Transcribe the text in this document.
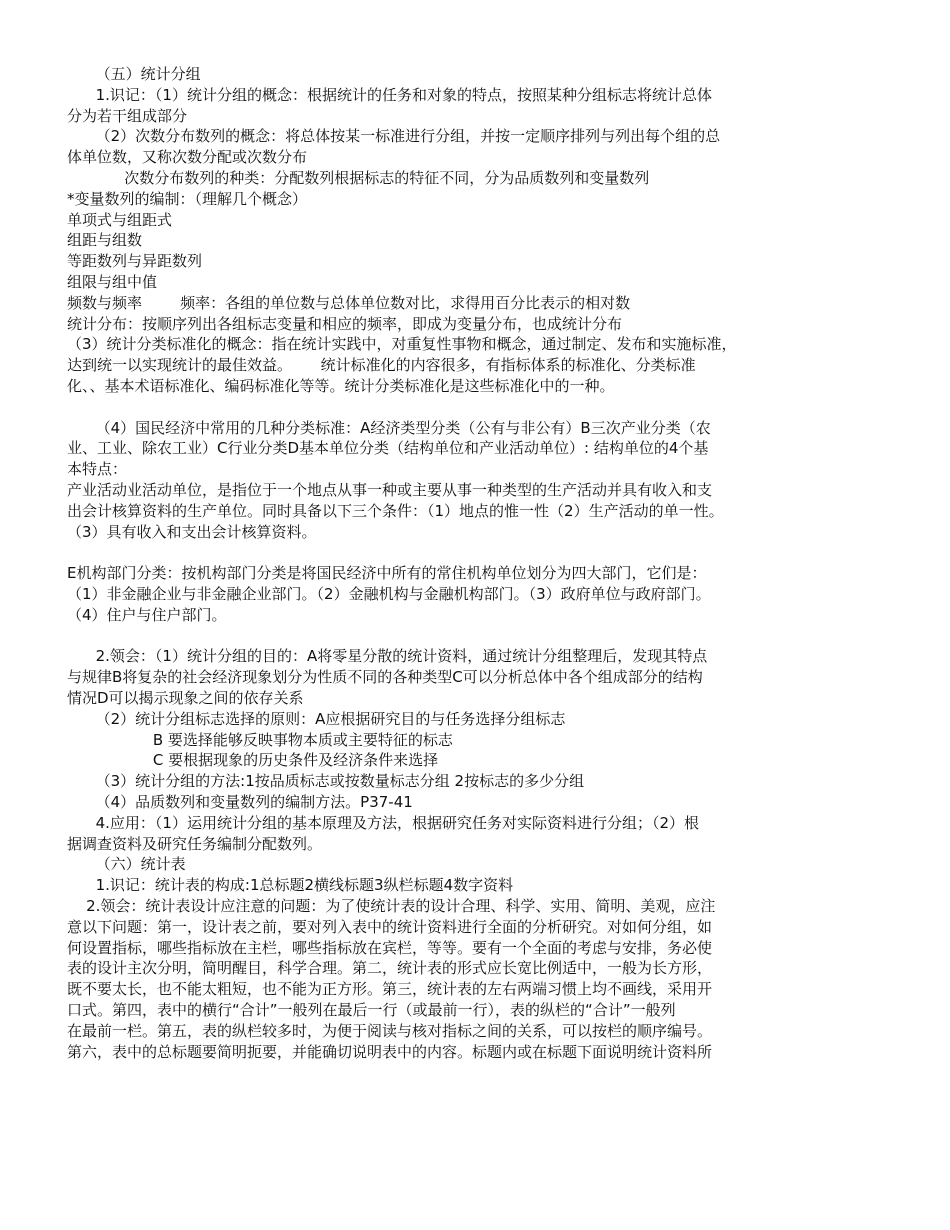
（五）统计分组
1.识记：（1）统计分组的概念：根据统计的任务和对象的特点，按照某种分组标志将统计总体
分为若干组成部分
（2）次数分布数列的概念：将总体按某一标准进行分组，并按一定顺序排列与列出每个组的总
体单位数，又称次数分配或次数分布
次数分布数列的种类：分配数列根据标志的特征不同，分为品质数列和变量数列
*变量数列的编制：（理解几个概念）
单项式与组距式
组距与组数
等距数列与异距数列
组限与组中值
频数与频率        频率：各组的单位数与总体单位数对比，求得用百分比表示的相对数
统计分布：按顺序列出各组标志变量和相应的频率，即成为变量分布，也成统计分布
（3）统计分类标准化的概念：指在统计实践中，对重复性事物和概念，通过制定、发布和实施标准，
达到统一以实现统计的最佳效益。      统计标准化的内容很多，有指标体系的标准化、分类标准
化、、基本术语标准化、编码标准化等等。统计分类标准化是这些标准化中的一种。
（4）国民经济中常用的几种分类标准：A经济类型分类（公有与非公有）B三次产业分类（农
业、工业、除农工业）C行业分类D基本单位分类（结构单位和产业活动单位）: 结构单位的4个基
本特点：
产业活动业活动单位，是指位于一个地点从事一种或主要从事一种类型的生产活动并具有收入和支
出会计核算资料的生产单位。同时具备以下三个条件：（1）地点的惟一性（2）生产活动的单一性。
（3）具有收入和支出会计核算资料。
E机构部门分类：按机构部门分类是将国民经济中所有的常住机构单位划分为四大部门，它们是：
（1）非金融企业与非金融企业部门。（2）金融机构与金融机构部门。（3）政府单位与政府部门。
（4）住户与住户部门。
2.领会：（1）统计分组的目的：A将零星分散的统计资料，通过统计分组整理后，发现其特点
与规律B将复杂的社会经济现象划分为性质不同的各种类型C可以分析总体中各个组成部分的结构
情况D可以揭示现象之间的依存关系
（2）统计分组标志选择的原则：A应根据研究目的与任务选择分组标志
B 要选择能够反映事物本质或主要特征的标志
C 要根据现象的历史条件及经济条件来选择
（3）统计分组的方法:1按品质标志或按数量标志分组 2按标志的多少分组
（4）品质数列和变量数列的编制方法。P37-41
4.应用：（1）运用统计分组的基本原理及方法，根据研究任务对实际资料进行分组；（2）根
据调查资料及研究任务编制分配数列。
（六）统计表
1.识记：统计表的构成:1总标题2横线标题3纵栏标题4数字资料
2.领会：统计表设计应注意的问题：为了使统计表的设计合理、科学、实用、简明、美观，应注
意以下问题：第一，设计表之前，要对列入表中的统计资料进行全面的分析研究。对如何分组，如
何设置指标，哪些指标放在主栏，哪些指标放在宾栏，等等。要有一个全面的考虑与安排，务必使
表的设计主次分明，简明醒目，科学合理。第二，统计表的形式应长宽比例适中，一般为长方形，
既不要太长，也不能太粗短，也不能为正方形。第三，统计表的左右两端习惯上均不画线，采用开
口式。第四，表中的横行“合计”一般列在最后一行（或最前一行），表的纵栏的“合计”一般列
在最前一栏。第五，表的纵栏较多时，为便于阅读与核对指标之间的关系，可以按栏的顺序编号。
第六，表中的总标题要简明扼要，并能确切说明表中的内容。标题内或在标题下面说明统计资料所
